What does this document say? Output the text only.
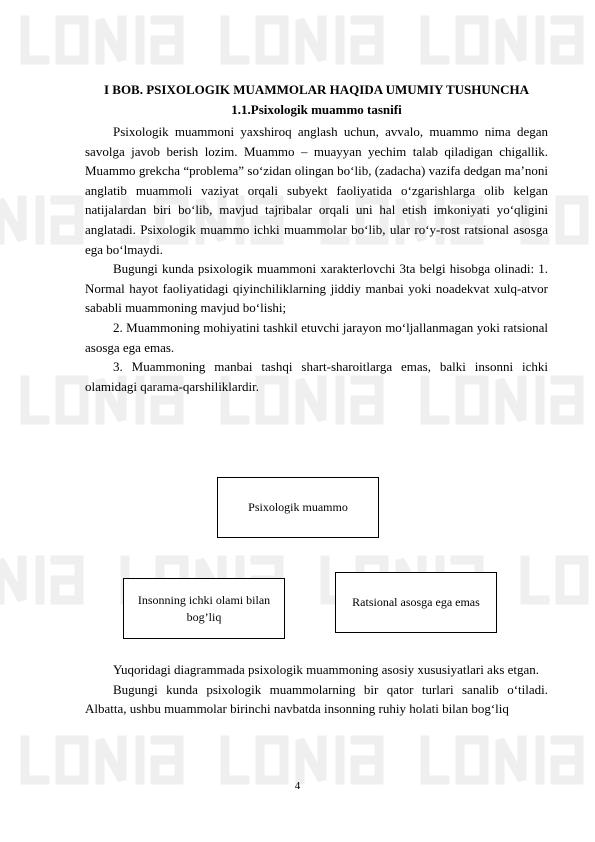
I BOB. PSIXOLOGIK MUAMMOLAR HAQIDA UMUMIY TUSHUNCHA
1.1.Psixologik muammo tasnifi

Psixologik muammoni yaxshiroq anglash uchun, avvalo, muammo nima degan savolga javob berish lozim. Muammo – muayyan yechim talab qiladigan chigallik. Muammo grekcha “problema” so‘zidan olingan bo‘lib, (zadacha) vazifa dedgan ma’noni anglatib muammoli vaziyat orqali subyekt faoliyatida o‘zgarishlarga olib kelgan natijalardan biri bo‘lib, mavjud tajribalar orqali uni hal etish imkoniyati yo‘qligini anglatadi. Psixologik muammo ichki muammolar bo‘lib, ular ro‘y-rost ratsional asosga ega bo‘lmaydi.

Bugungi kunda psixologik muammoni xarakterlovchi 3ta belgi hisobga olinadi: 1. Normal hayot faoliyatidagi qiyinchiliklarning jiddiy manbai yoki noadekvat xulq-atvor sababli muammoning mavjud bo‘lishi;

2. Muammoning mohiyatini tashkil etuvchi jarayon mo‘ljallanmagan yoki ratsional asosga ega emas.

3. Muammoning manbai tashqi shart-sharoitlarga emas, balki insonni ichki olamidagi qarama-qarshiliklardir.

Psixologik muammo
Insonning ichki olami bilan bog’liq
Ratsional asosga ega emas

Yuqoridagi diagrammada psixologik muammoning asosiy xususiyatlari aks etgan.

Bugungi kunda psixologik muammolarning bir qator turlari sanalib o‘tiladi. Albatta, ushbu muammolar birinchi navbatda insonning ruhiy holati bilan bog‘liq

4
